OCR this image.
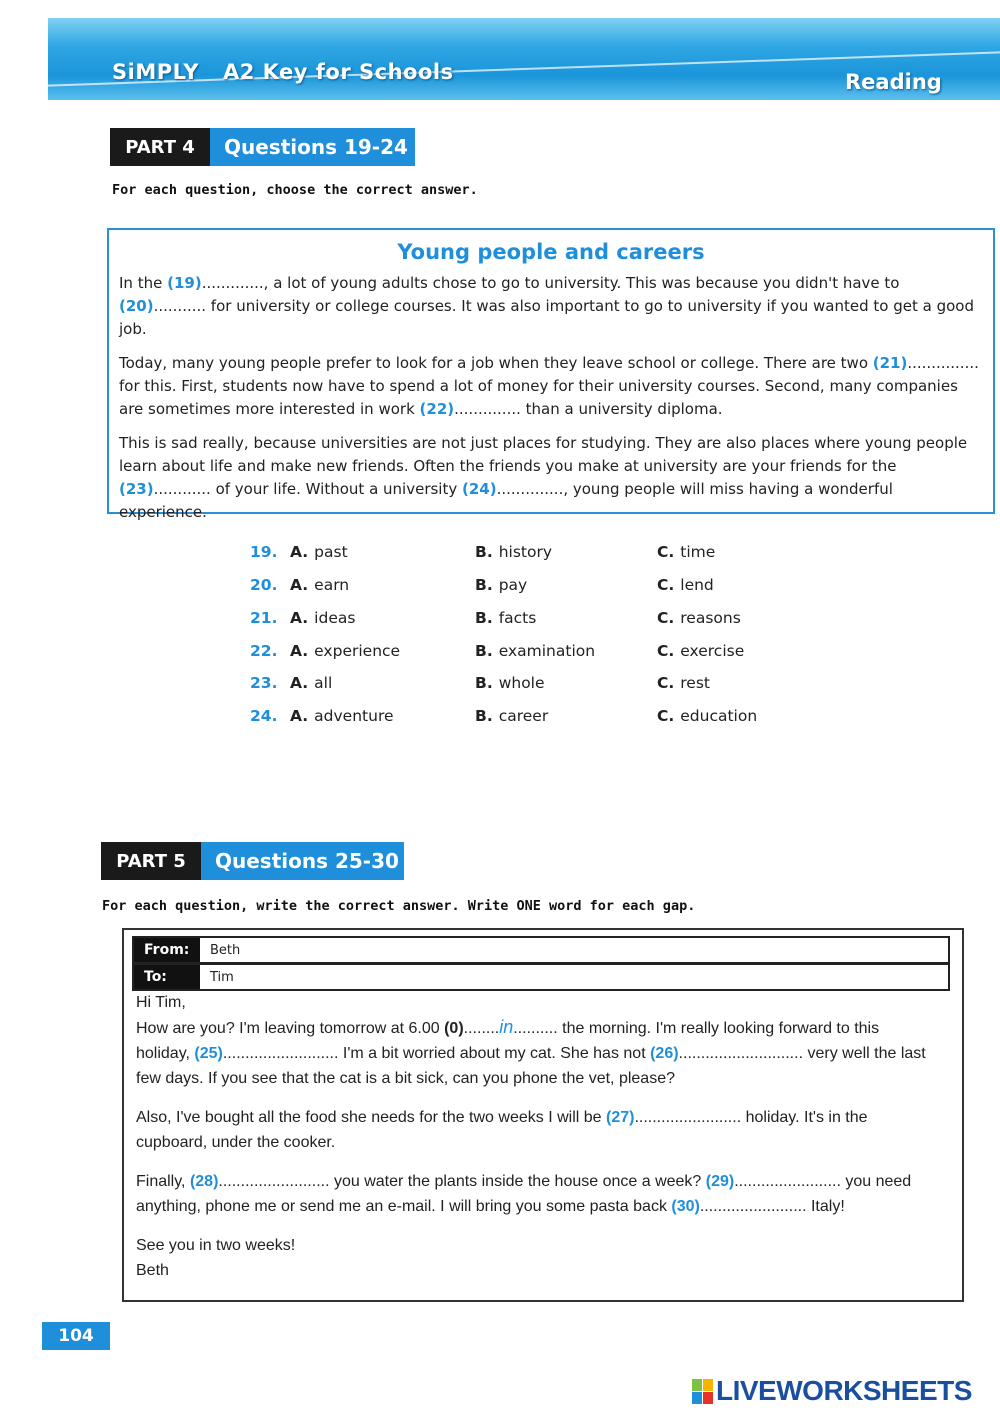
SiMPLY A2 Key for Schools	Reading
PART 4	Questions 19-24
For each question, choose the correct answer.
Young people and careers

In the (19)............., a lot of young adults chose to go to university. This was because you didn't have to (20)........... for university or college courses. It was also important to go to university if you wanted to get a good job.

Today, many young people prefer to look for a job when they leave school or college. There are two (21)............... for this. First, students now have to spend a lot of money for their university courses. Second, many companies are sometimes more interested in work (22).............. than a university diploma.

This is sad really, because universities are not just places for studying. They are also places where young people learn about life and make new friends. Often the friends you make at university are your friends for the (23)............ of your life. Without a university (24).............., young people will miss having a wonderful experience.

19. A. past	B. history	C. time
20. A. earn	B. pay	C. lend
21. A. ideas	B. facts	C. reasons
22. A. experience	B. examination	C. exercise
23. A. all	B. whole	C. rest
24. A. adventure	B. career	C. education
PART 5	Questions 25-30
For each question, write the correct answer. Write ONE word for each gap.
From:	Beth
To:	Tim
Hi Tim,

How are you? I'm leaving tomorrow at 6.00 (0)........in.......... the morning. I'm really looking forward to this holiday, (25).......................... I'm a bit worried about my cat. She has not (26)............................ very well the last few days. If you see that the cat is a bit sick, can you phone the vet, please?

Also, I've bought all the food she needs for the two weeks I will be (27)........................ holiday. It's in the cupboard, under the cooker.

Finally, (28)......................... you water the plants inside the house once a week? (29)........................ you need anything, phone me or send me an e-mail. I will bring you some pasta back (30)........................ Italy!

See you in two weeks!
Beth
104
LIVEWORKSHEETS
